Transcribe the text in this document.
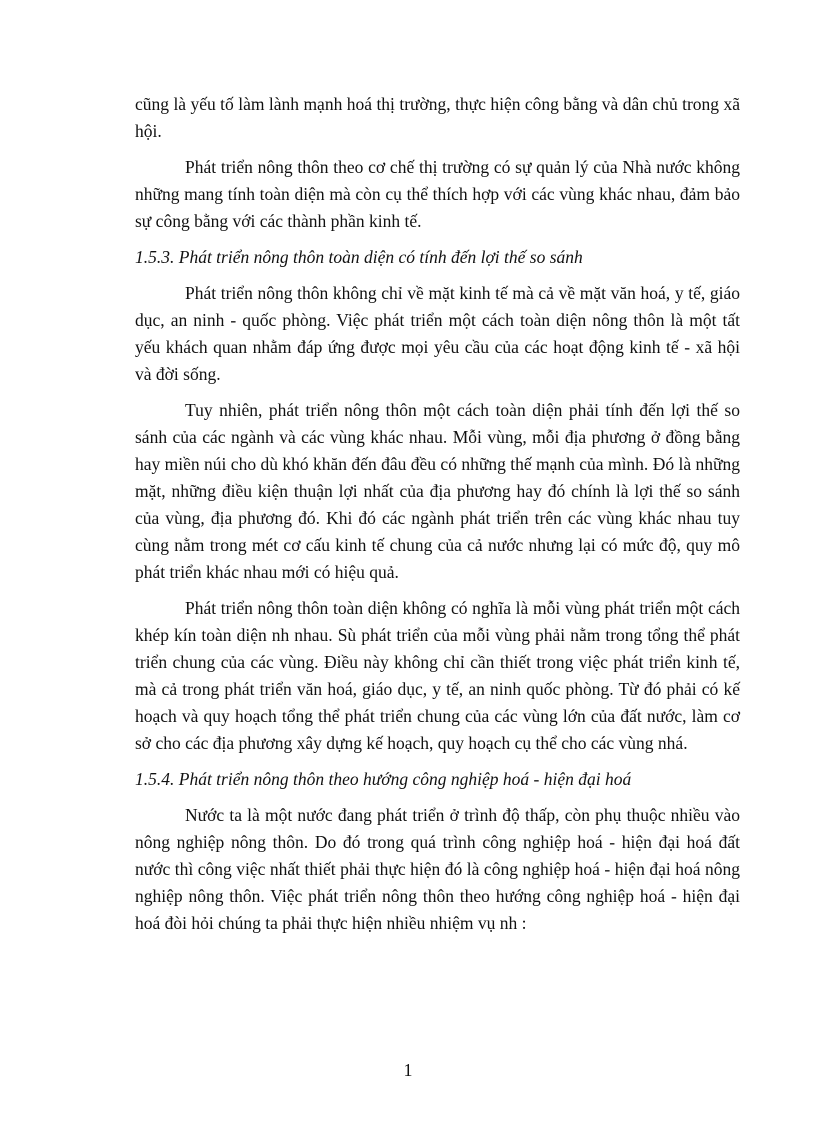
cũng là yếu tố làm lành mạnh hoá thị trường, thực hiện công bằng và dân chủ trong xã hội.

Phát triển nông thôn theo cơ chế thị trường có sự quản lý của Nhà nước không những mang tính toàn diện mà còn cụ thể thích hợp với các vùng khác nhau, đảm bảo sự công bằng với các thành phần kinh tế.

1.5.3. Phát triển nông thôn toàn diện có tính đến lợi thế so sánh

Phát triển nông thôn không chỉ về mặt kinh tế mà cả về mặt văn hoá, y tế, giáo dục, an ninh - quốc phòng. Việc phát triển một cách toàn diện nông thôn là một tất yếu khách quan nhằm đáp ứng được mọi yêu cầu của các hoạt động kinh tế - xã hội và đời sống.

Tuy nhiên, phát triển nông thôn một cách toàn diện phải tính đến lợi thế so sánh của các ngành và các vùng khác nhau. Mỗi vùng, mỗi địa phương ở đồng bằng hay miền núi cho dù khó khăn đến đâu đều có những thế mạnh của mình. Đó là những mặt, những điều kiện thuận lợi nhất của địa phương hay đó chính là lợi thế so sánh của vùng, địa phương đó. Khi đó các ngành phát triển trên các vùng khác nhau tuy cùng nằm trong mét cơ cấu kinh tế chung của cả nước nhưng lại có mức độ, quy mô phát triển khác nhau mới có hiệu quả.

Phát triển nông thôn toàn diện không có nghĩa là mỗi vùng phát triển một cách khép kín toàn diện nh nhau. Sù phát triển của mỗi vùng phải nằm trong tổng thể phát triển chung của các vùng. Điều này không chỉ cần thiết trong việc phát triển kinh tế, mà cả trong phát triển văn hoá, giáo dục, y tế, an ninh quốc phòng. Từ đó phải có kế hoạch và quy hoạch tổng thể phát triển chung của các vùng lớn của đất nước, làm cơ sở cho các địa phương xây dựng kế hoạch, quy hoạch cụ thể cho các vùng nhá.

1.5.4. Phát triển nông thôn theo hướng công nghiệp hoá - hiện đại hoá

Nước ta là một nước đang phát triển ở trình độ thấp, còn phụ thuộc nhiều vào nông nghiệp nông thôn. Do đó trong quá trình công nghiệp hoá - hiện đại hoá đất nước thì công việc nhất thiết phải thực hiện đó là công nghiệp hoá - hiện đại hoá nông nghiệp nông thôn. Việc phát triển nông thôn theo hướng công nghiệp hoá - hiện đại hoá đòi hỏi chúng ta phải thực hiện nhiều nhiệm vụ nh :

1
